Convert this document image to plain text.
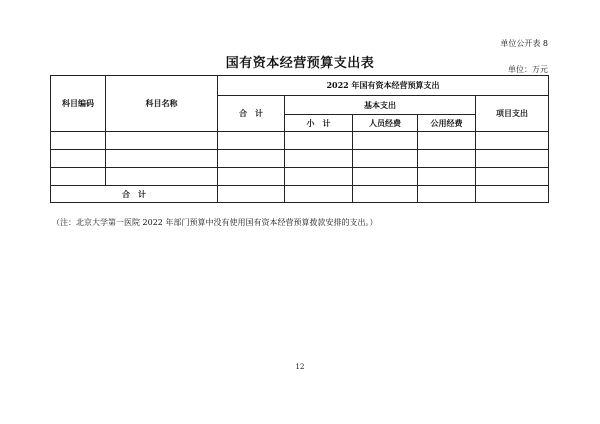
单位公开表 8
国有资本经营预算支出表	单位：万元
科目编码	科目名称	2022 年国有资本经营预算支出				
		合　计	基本支出			项目支出
			小　计	人员经费	公用经费	

合　计						
（注：北京大学第一医院 2022 年部门预算中没有使用国有资本经营预算拨款安排的支出。）
12
